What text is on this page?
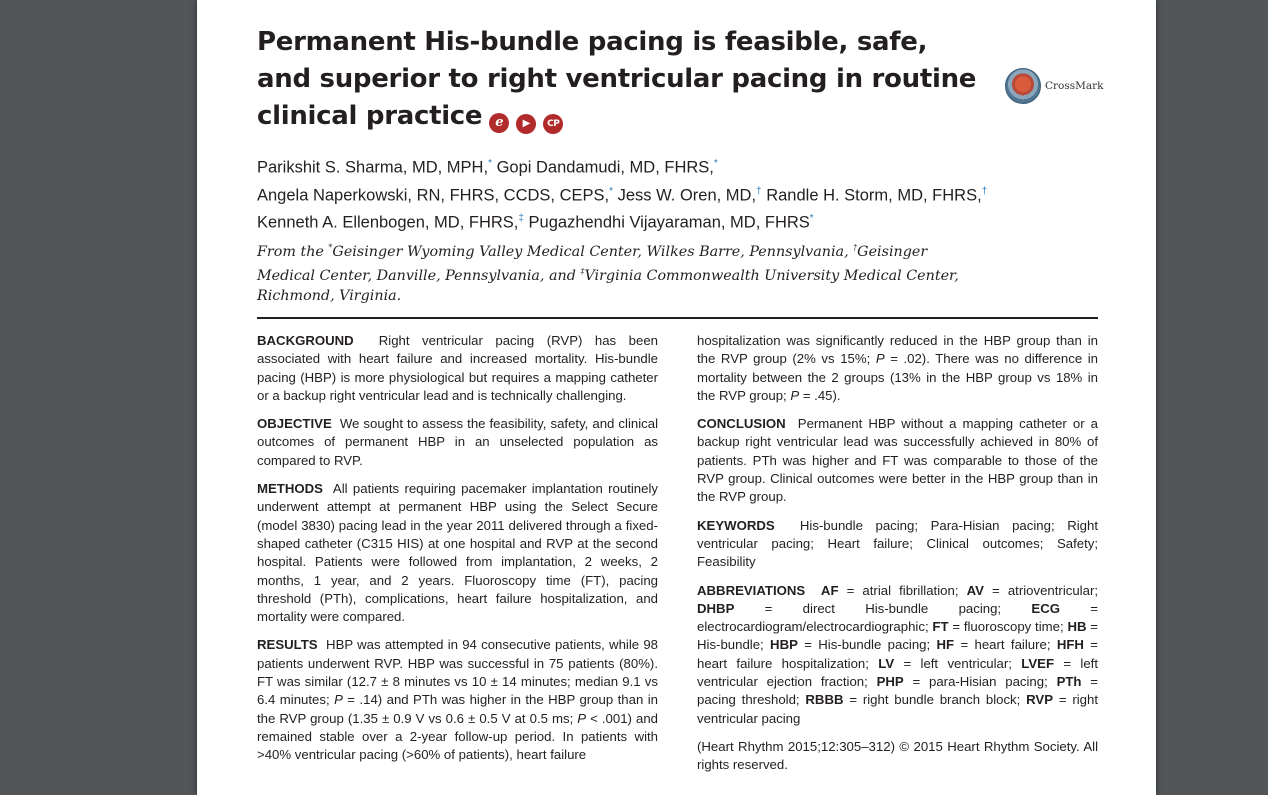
Permanent His-bundle pacing is feasible, safe, and superior to right ventricular pacing in routine clinical practice e ▶ CP
CrossMark
Parikshit S. Sharma, MD, MPH,* Gopi Dandamudi, MD, FHRS,*
Angela Naperkowski, RN, FHRS, CCDS, CEPS,* Jess W. Oren, MD,† Randle H. Storm, MD, FHRS,†
Kenneth A. Ellenbogen, MD, FHRS,‡ Pugazhendhi Vijayaraman, MD, FHRS*
From the *Geisinger Wyoming Valley Medical Center, Wilkes Barre, Pennsylvania, †Geisinger Medical Center, Danville, Pennsylvania, and ‡Virginia Commonwealth University Medical Center, Richmond, Virginia.

BACKGROUND Right ventricular pacing (RVP) has been associated with heart failure and increased mortality. His-bundle pacing (HBP) is more physiological but requires a mapping catheter or a backup right ventricular lead and is technically challenging.

OBJECTIVE We sought to assess the feasibility, safety, and clinical outcomes of permanent HBP in an unselected population as compared to RVP.

METHODS All patients requiring pacemaker implantation routinely underwent attempt at permanent HBP using the Select Secure (model 3830) pacing lead in the year 2011 delivered through a fixed-shaped catheter (C315 HIS) at one hospital and RVP at the second hospital. Patients were followed from implantation, 2 weeks, 2 months, 1 year, and 2 years. Fluoroscopy time (FT), pacing threshold (PTh), complications, heart failure hospitalization, and mortality were compared.

RESULTS HBP was attempted in 94 consecutive patients, while 98 patients underwent RVP. HBP was successful in 75 patients (80%). FT was similar (12.7 ± 8 minutes vs 10 ± 14 minutes; median 9.1 vs 6.4 minutes; P = .14) and PTh was higher in the HBP group than in the RVP group (1.35 ± 0.9 V vs 0.6 ± 0.5 V at 0.5 ms; P < .001) and remained stable over a 2-year follow-up period. In patients with >40% ventricular pacing (>60% of patients), heart failure

hospitalization was significantly reduced in the HBP group than in the RVP group (2% vs 15%; P = .02). There was no difference in mortality between the 2 groups (13% in the HBP group vs 18% in the RVP group; P = .45).

CONCLUSION Permanent HBP without a mapping catheter or a backup right ventricular lead was successfully achieved in 80% of patients. PTh was higher and FT was comparable to those of the RVP group. Clinical outcomes were better in the HBP group than in the RVP group.

KEYWORDS His-bundle pacing; Para-Hisian pacing; Right ventricular pacing; Heart failure; Clinical outcomes; Safety; Feasibility

ABBREVIATIONS  AF = atrial fibrillation; AV = atrioventricular; DHBP = direct His-bundle pacing; ECG = electrocardiogram/electrocardiographic; FT = fluoroscopy time; HB = His-bundle; HBP = His-bundle pacing; HF = heart failure; HFH = heart failure hospitalization; LV = left ventricular; LVEF = left ventricular ejection fraction; PHP = para-Hisian pacing; PTh = pacing threshold; RBBB = right bundle branch block; RVP = right ventricular pacing

(Heart Rhythm 2015;12:305–312) © 2015 Heart Rhythm Society. All rights reserved.
